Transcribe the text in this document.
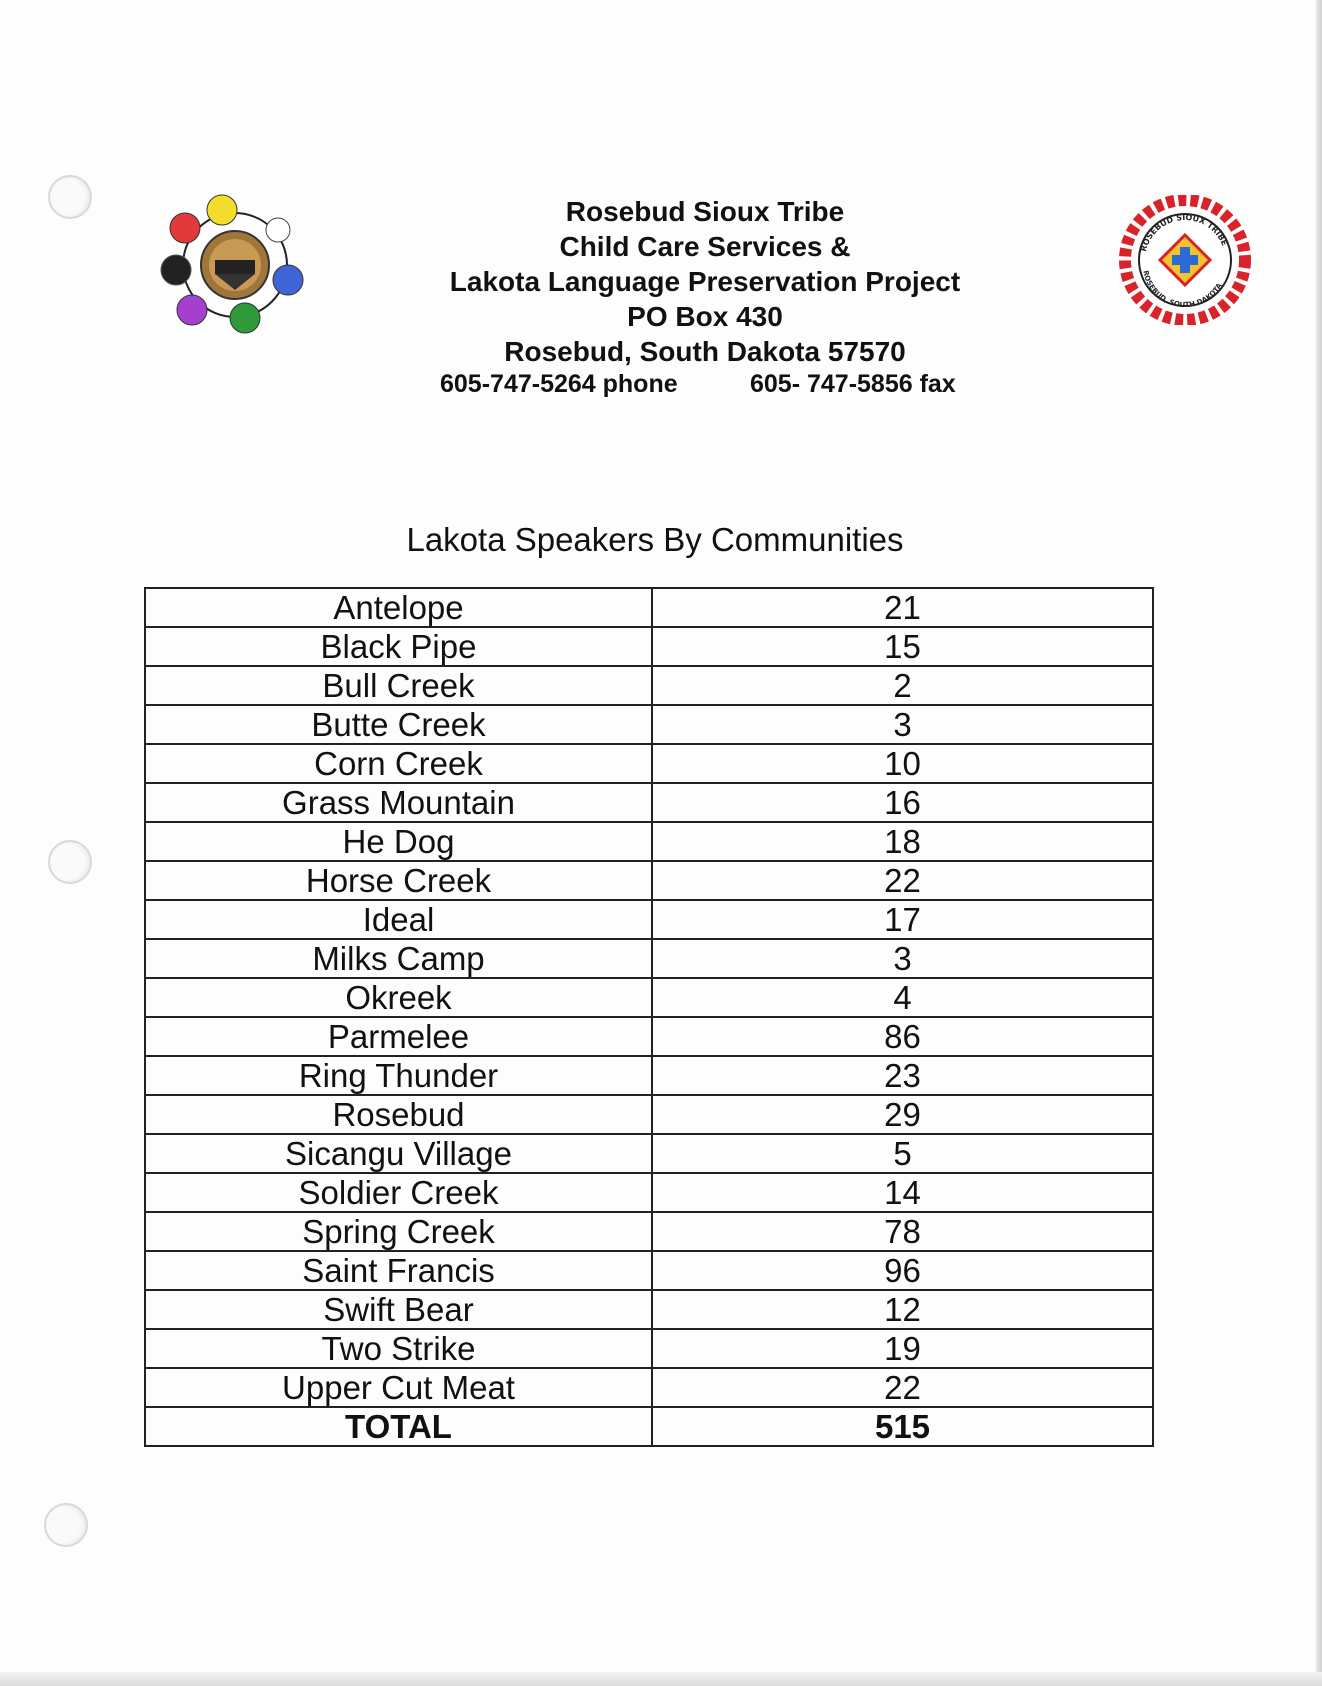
Rosebud Sioux Tribe
Child Care Services &
Lakota Language Preservation Project
PO Box 430
Rosebud, South Dakota 57570
605-747-5264 phone	605- 747-5856 fax
ROSEBUD SIOUX TRIBE
ROSEBUD, SOUTH DAKOTA
Lakota Speakers By Communities
Antelope	21
Black Pipe	15
Bull Creek	2
Butte Creek	3
Corn Creek	10
Grass Mountain	16
He Dog	18
Horse Creek	22
Ideal	17
Milks Camp	3
Okreek	4
Parmelee	86
Ring Thunder	23
Rosebud	29
Sicangu Village	5
Soldier Creek	14
Spring Creek	78
Saint Francis	96
Swift Bear	12
Two Strike	19
Upper Cut Meat	22
TOTAL	515
